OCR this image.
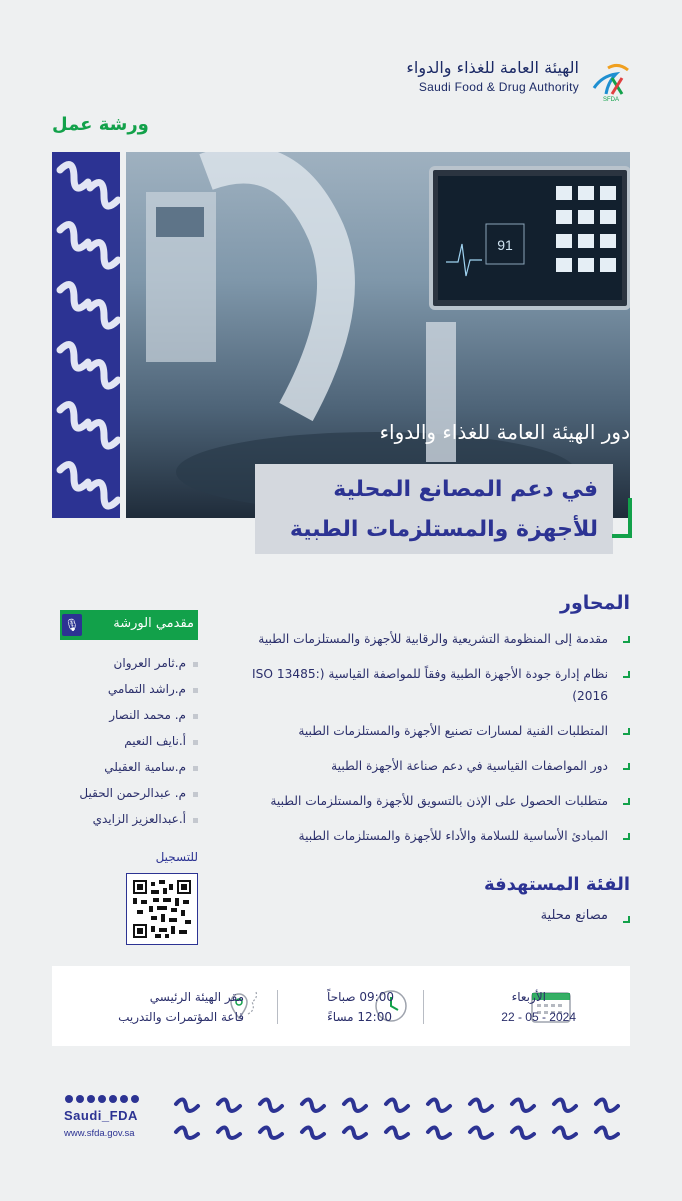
الهيئة العامة للغذاء والدواء
Saudi Food & Drug Authority
SFDA
ورشة عمل
91
دور الهيئة العامة للغذاء والدواء
في دعم المصانع المحلية للأجهزة والمستلزمات الطبية
المحاور
مقدمة إلى المنظومة التشريعية والرقابية للأجهزة والمستلزمات الطبية
نظام إدارة جودة الأجهزة الطبية وفقاً للمواصفة القياسية (ISO 13485: 2016)
المتطلبات الفنية لمسارات تصنيع الأجهزة والمستلزمات الطبية
دور المواصفات القياسية في دعم صناعة الأجهزة الطبية
متطلبات الحصول على الإذن بالتسويق للأجهزة والمستلزمات الطبية
المبادئ الأساسية للسلامة والأداء للأجهزة والمستلزمات الطبية
الفئة المستهدفة
مصانع محلية
🎙	مقدمي الورشة
م.ثامر العروان
م.راشد التمامي
م. محمد النصار
أ.نايف النعيم
م.سامية العقيلي
م. عبدالرحمن الحقيل
أ.عبدالعزيز الزايدي
للتسجيل
الأربعاء
22 - 05 - 2024
09:00 صباحاً
12:00 مساءً
مقر الهيئة الرئيسي
قاعة المؤتمرات والتدريب
Saudi_FDA
www.sfda.gov.sa
